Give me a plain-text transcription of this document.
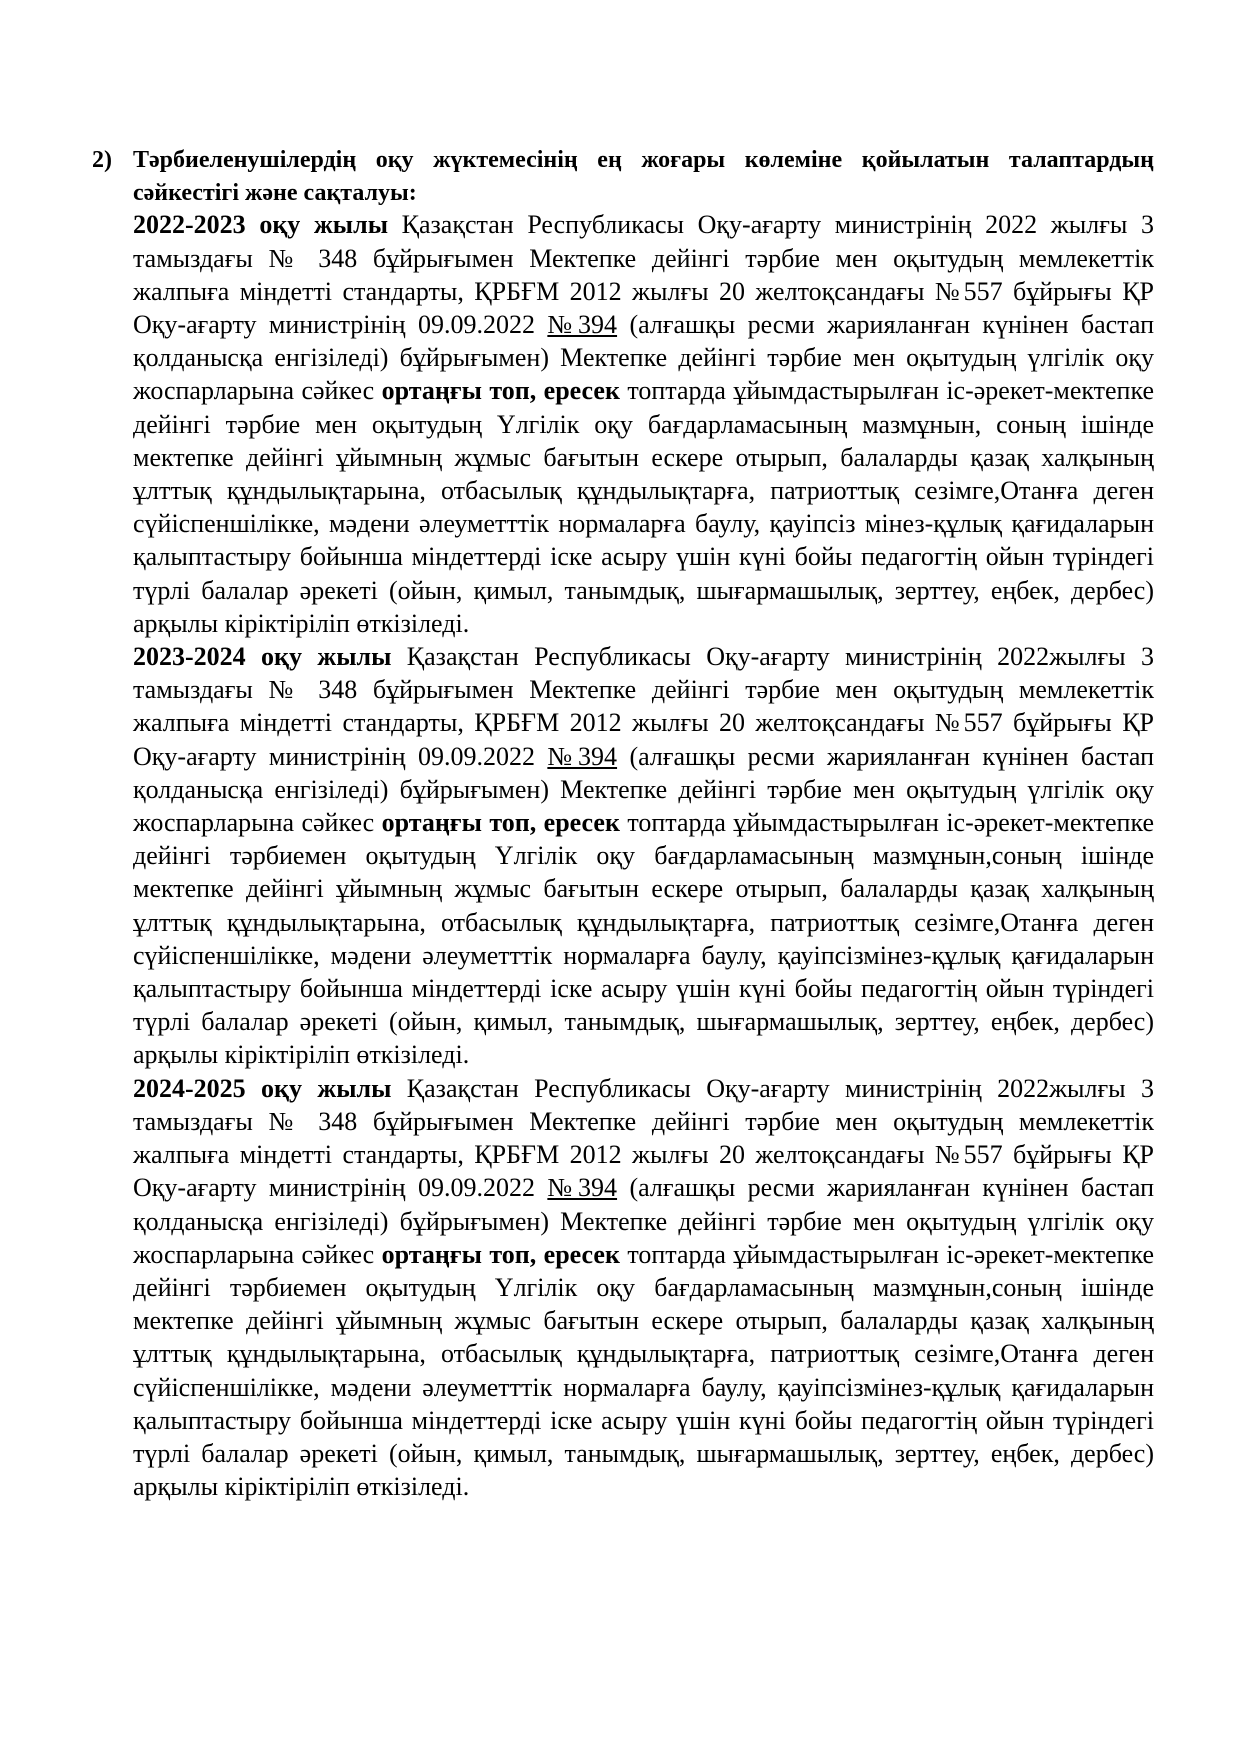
2) Тәрбиеленушілердің оқу жүктемесінің ең жоғары көлеміне қойылатын талаптардың сәйкестігі және сақталуы:

2022-2023 оқу жылы Қазақстан Республикасы Оқу-ағарту министрінің 2022 жылғы 3 тамыздағы № 348 бұйрығымен Мектепке дейінгі тәрбие мен оқытудың мемлекеттік жалпыға міндетті стандарты, ҚРБҒМ 2012 жылғы 20 желтоқсандағы №557 бұйрығы ҚР Оқу-ағарту министрінің 09.09.2022 №394 (алғашқы ресми жарияланған күнінен бастап қолданысқа енгізіледі) бұйрығымен) Мектепке дейінгі тәрбие мен оқытудың үлгілік оқу жоспарларына сәйкес ортаңғы топ, ересек топтарда ұйымдастырылған іс-әрекет-мектепке дейінгі тәрбие мен оқытудың Үлгілік оқу бағдарламасының мазмұнын, соның ішінде мектепке дейінгі ұйымның жұмыс бағытын ескере отырып, балаларды қазақ халқының ұлттық құндылықтарына, отбасылық құндылықтарға, патриоттық сезімге,Отанға деген сүйіспеншілікке, мәдени әлеуметттік нормаларға баулу, қауіпсіз мінез-құлық қағидаларын қалыптастыру бойынша міндеттерді іске асыру үшін күні бойы педагогтің ойын түріндегі түрлі балалар әрекеті (ойын, қимыл, танымдық, шығармашылық, зерттеу, еңбек, дербес) арқылы кіріктіріліп өткізіледі.

2023-2024 оқу жылы Қазақстан Республикасы Оқу-ағарту министрінің 2022жылғы 3 тамыздағы № 348 бұйрығымен Мектепке дейінгі тәрбие мен оқытудың мемлекеттік жалпыға міндетті стандарты, ҚРБҒМ 2012 жылғы 20 желтоқсандағы №557 бұйрығы ҚР Оқу-ағарту министрінің 09.09.2022 №394 (алғашқы ресми жарияланған күнінен бастап қолданысқа енгізіледі) бұйрығымен) Мектепке дейінгі тәрбие мен оқытудың үлгілік оқу жоспарларына сәйкес ортаңғы топ, ересек топтарда ұйымдастырылған іс-әрекет-мектепке дейінгі тәрбиемен оқытудың Үлгілік оқу бағдарламасының мазмұнын,соның ішінде мектепке дейінгі ұйымның жұмыс бағытын ескере отырып, балаларды қазақ халқының ұлттық құндылықтарына, отбасылық құндылықтарға, патриоттық сезімге,Отанға деген сүйіспеншілікке, мәдени әлеуметттік нормаларға баулу, қауіпсізмінез-құлық қағидаларын қалыптастыру бойынша міндеттерді іске асыру үшін күні бойы педагогтің ойын түріндегі түрлі балалар әрекеті (ойын, қимыл, танымдық, шығармашылық, зерттеу, еңбек, дербес) арқылы кіріктіріліп өткізіледі.

2024-2025 оқу жылы Қазақстан Республикасы Оқу-ағарту министрінің 2022жылғы 3 тамыздағы № 348 бұйрығымен Мектепке дейінгі тәрбие мен оқытудың мемлекеттік жалпыға міндетті стандарты, ҚРБҒМ 2012 жылғы 20 желтоқсандағы №557 бұйрығы ҚР Оқу-ағарту министрінің 09.09.2022 №394 (алғашқы ресми жарияланған күнінен бастап қолданысқа енгізіледі) бұйрығымен) Мектепке дейінгі тәрбие мен оқытудың үлгілік оқу жоспарларына сәйкес ортаңғы топ, ересек топтарда ұйымдастырылған іс-әрекет-мектепке дейінгі тәрбиемен оқытудың Үлгілік оқу бағдарламасының мазмұнын,соның ішінде мектепке дейінгі ұйымның жұмыс бағытын ескере отырып, балаларды қазақ халқының ұлттық құндылықтарына, отбасылық құндылықтарға, патриоттық сезімге,Отанға деген сүйіспеншілікке, мәдени әлеуметттік нормаларға баулу, қауіпсізмінез-құлық қағидаларын қалыптастыру бойынша міндеттерді іске асыру үшін күні бойы педагогтің ойын түріндегі түрлі балалар әрекеті (ойын, қимыл, танымдық, шығармашылық, зерттеу, еңбек, дербес) арқылы кіріктіріліп өткізіледі.
